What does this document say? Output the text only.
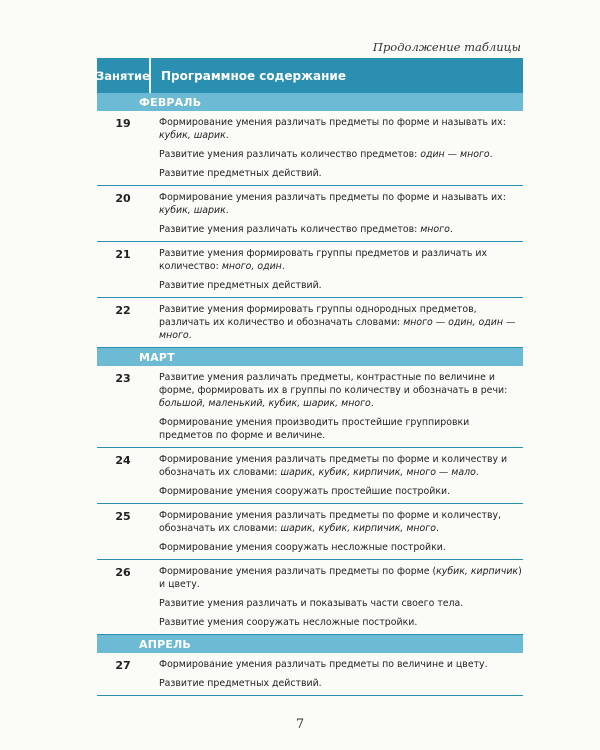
Продолжение таблицы
Занятие Программное содержание
ФЕВРАЛЬ
19	Формирование умения различать предметы по форме и называть их: кубик, шарик.
Развитие умения различать количество предметов: один — много.
Развитие предметных действий.
20	Формирование умения различать предметы по форме и называть их: кубик, шарик.
Развитие умения различать количество предметов: много.
21	Развитие умения формировать группы предметов и различать их количество: много, один.
Развитие предметных действий.
22	Развитие умения формировать группы однородных предметов, различать их количество и обозначать словами: много — один, один — много.
МАРТ
23	Развитие умения различать предметы, контрастные по величине и форме, формировать их в группы по количеству и обозначать в речи: большой, маленький, кубик, шарик, много.
Формирование умения производить простейшие группировки предметов по форме и величине.
24	Формирование умения различать предметы по форме и количеству и обозначать их словами: шарик, кубик, кирпичик, много — мало.
Формирование умения сооружать простейшие постройки.
25	Формирование умения различать предметы по форме и количеству, обозначать их словами: шарик, кубик, кирпичик, много.
Формирование умения сооружать несложные постройки.
26	Формирование умения различать предметы по форме (кубик, кирпичик) и цвету.
Развитие умения различать и показывать части своего тела.
Развитие умения сооружать несложные постройки.
АПРЕЛЬ
27	Формирование умения различать предметы по величине и цвету.
Развитие предметных действий.
7
